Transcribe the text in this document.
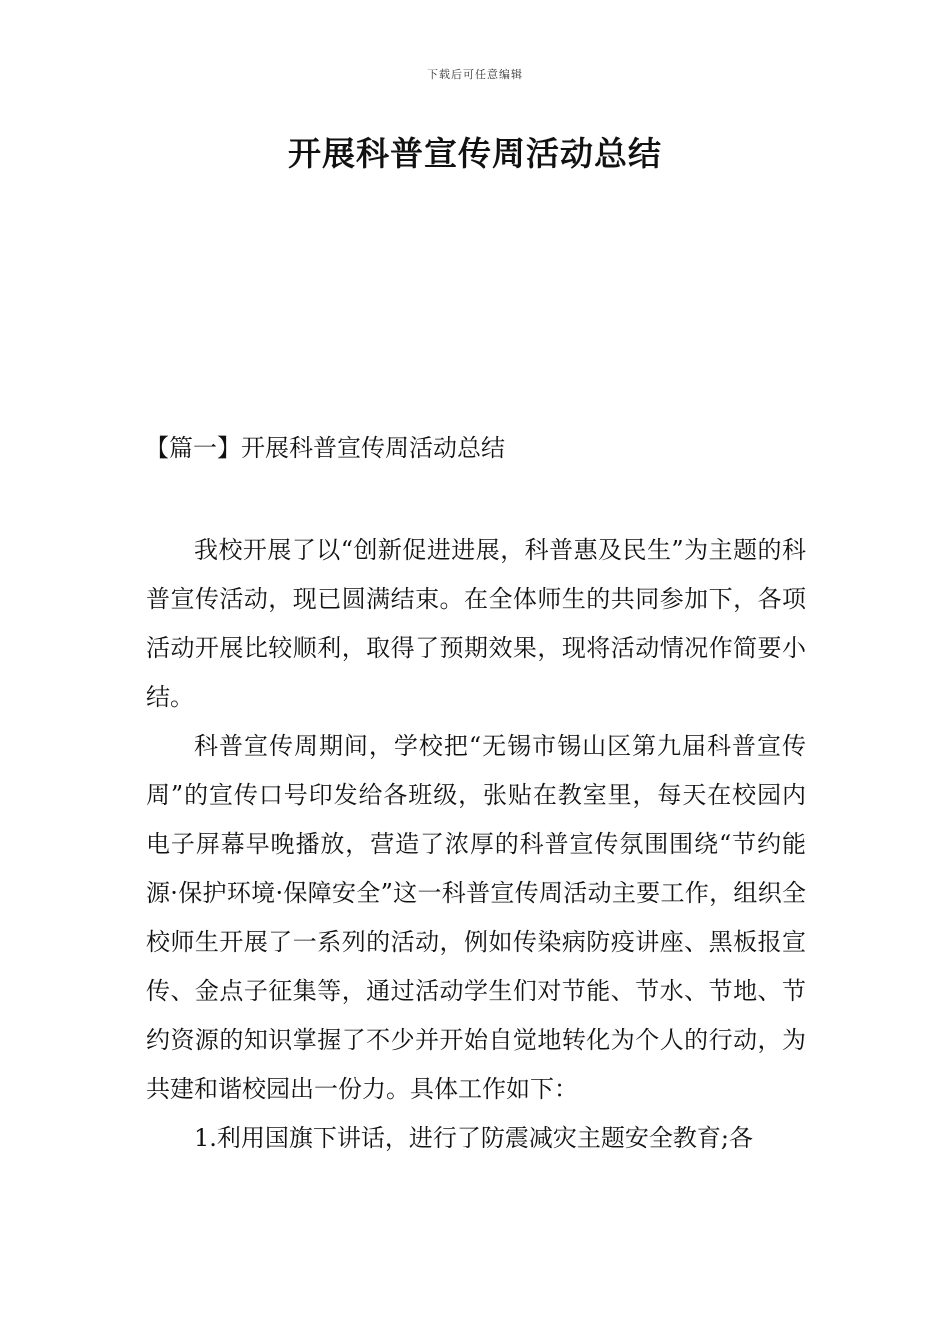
下载后可任意编辑
开展科普宣传周活动总结
【篇一】开展科普宣传周活动总结

我校开展了以“创新促进进展，科普惠及民生”为主题的科普宣传活动，现已圆满结束。在全体师生的共同参加下，各项活动开展比较顺利，取得了预期效果，现将活动情况作简要小结。

科普宣传周期间，学校把“无锡市锡山区第九届科普宣传周”的宣传口号印发给各班级，张贴在教室里，每天在校园内电子屏幕早晚播放，营造了浓厚的科普宣传氛围围绕“节约能源·保护环境·保障安全”这一科普宣传周活动主要工作，组织全校师生开展了一系列的活动，例如传染病防疫讲座、黑板报宣传、金点子征集等，通过活动学生们对节能、节水、节地、节约资源的知识掌握了不少并开始自觉地转化为个人的行动，为共建和谐校园出一份力。具体工作如下：

1.利用国旗下讲话，进行了防震减灾主题安全教育;各
